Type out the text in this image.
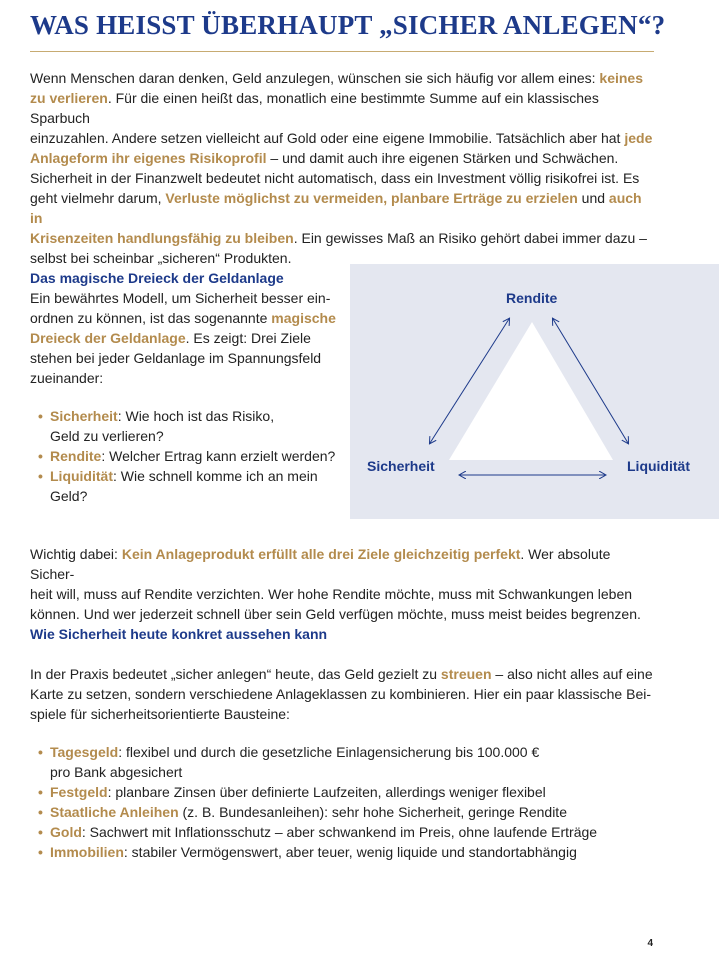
WAS HEISST ÜBERHAUPT „SICHER ANLEGEN“?

Wenn Menschen daran denken, Geld anzulegen, wünschen sie sich häufig vor allem eines: keines

zu verlieren. Für die einen heißt das, monatlich eine bestimmte Summe auf ein klassisches Sparbuch

einzuzahlen. Andere setzen vielleicht auf Gold oder eine eigene Immobilie. Tatsächlich aber hat jede

Anlageform ihr eigenes Risikoprofil – und damit auch ihre eigenen Stärken und Schwächen.

Sicherheit in der Finanzwelt bedeutet nicht automatisch, dass ein Investment völlig risikofrei ist. Es

geht vielmehr darum, Verluste möglichst zu vermeiden, planbare Erträge zu erzielen und auch in

Krisenzeiten handlungsfähig zu bleiben. Ein gewisses Maß an Risiko gehört dabei immer dazu –

selbst bei scheinbar „sicheren“ Produkten.

Das magische Dreieck der Geldanlage

Ein bewährtes Modell, um Sicherheit besser ein-

ordnen zu können, ist das sogenannte magische

Dreieck der Geldanlage. Es zeigt: Drei Ziele

stehen bei jeder Geldanlage im Spannungsfeld

zueinander:

• Sicherheit: Wie hoch ist das Risiko,
Geld zu verlieren?
• Rendite: Welcher Ertrag kann erzielt werden?
• Liquidität: Wie schnell komme ich an mein
Geld?
Rendite
Sicherheit	Liquidität

Wichtig dabei: Kein Anlageprodukt erfüllt alle drei Ziele gleichzeitig perfekt. Wer absolute Sicher-

heit will, muss auf Rendite verzichten. Wer hohe Rendite möchte, muss mit Schwankungen leben

können. Und wer jederzeit schnell über sein Geld verfügen möchte, muss meist beides begrenzen.

Wie Sicherheit heute konkret aussehen kann

In der Praxis bedeutet „sicher anlegen“ heute, das Geld gezielt zu streuen – also nicht alles auf eine

Karte zu setzen, sondern verschiedene Anlageklassen zu kombinieren. Hier ein paar klassische Bei-

spiele für sicherheitsorientierte Bausteine:

• Tagesgeld: flexibel und durch die gesetzliche Einlagensicherung bis 100.000 €
pro Bank abgesichert
• Festgeld: planbare Zinsen über definierte Laufzeiten, allerdings weniger flexibel
• Staatliche Anleihen (z. B. Bundesanleihen): sehr hohe Sicherheit, geringe Rendite
• Gold: Sachwert mit Inflationsschutz – aber schwankend im Preis, ohne laufende Erträge
• Immobilien: stabiler Vermögenswert, aber teuer, wenig liquide und standortabhängig
4
